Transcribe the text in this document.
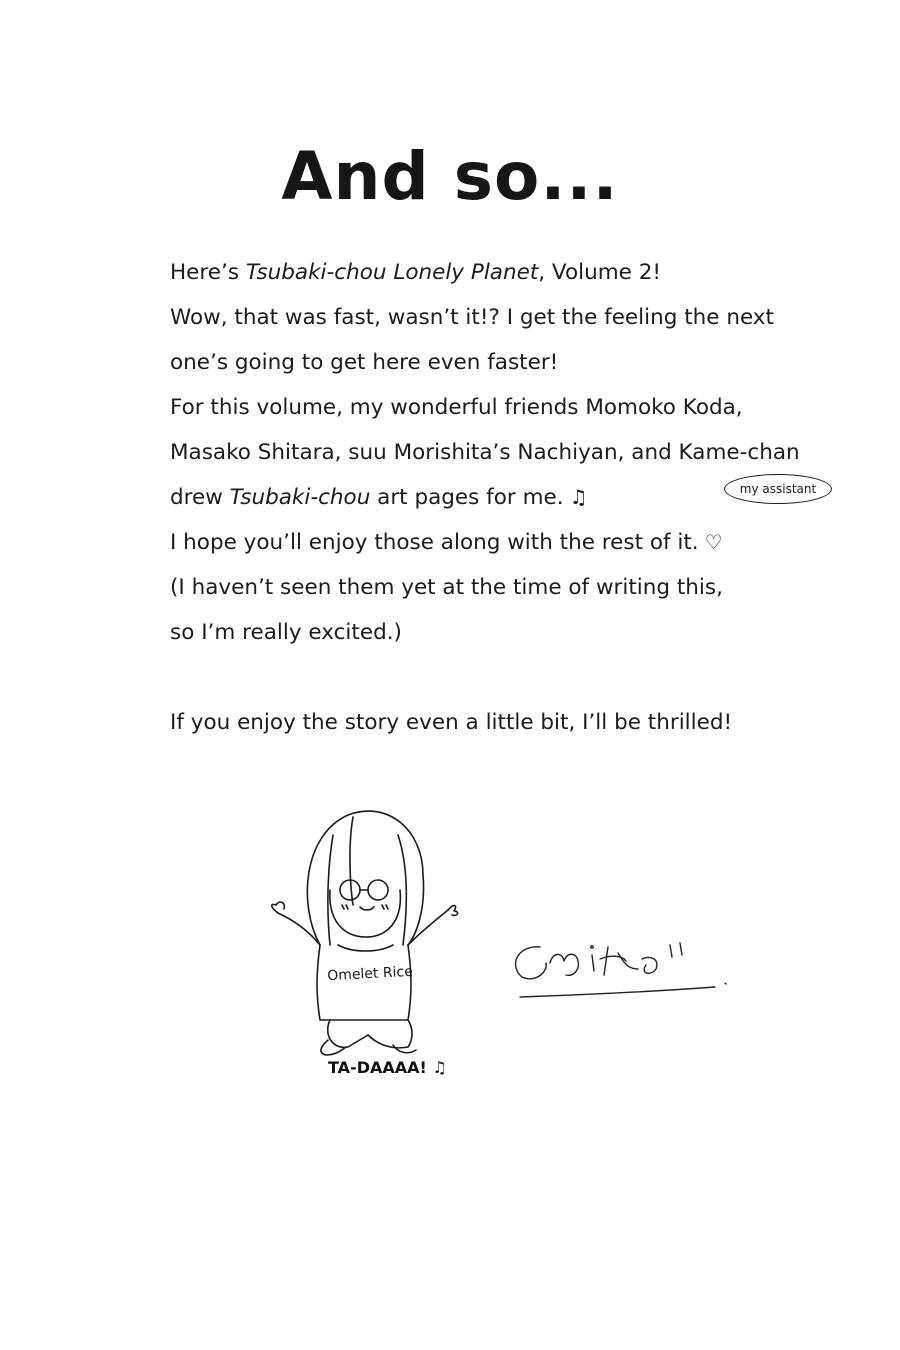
And so...
Here’s Tsubaki-chou Lonely Planet, Volume 2!
Wow, that was fast, wasn’t it!? I get the feeling the next
one’s going to get here even faster!
For this volume, my wonderful friends Momoko Koda,
Masako Shitara, suu Morishita’s Nachiyan, and Kame-chan
drew Tsubaki-chou art pages for me. ♫
I hope you’ll enjoy those along with the rest of it. ♡
(I haven’t seen them yet at the time of writing this,
so I’m really excited.)
If you enjoy the story even a little bit, I’ll be thrilled!
my assistant
Omelet Rice
TA-DAAAA! ♫
